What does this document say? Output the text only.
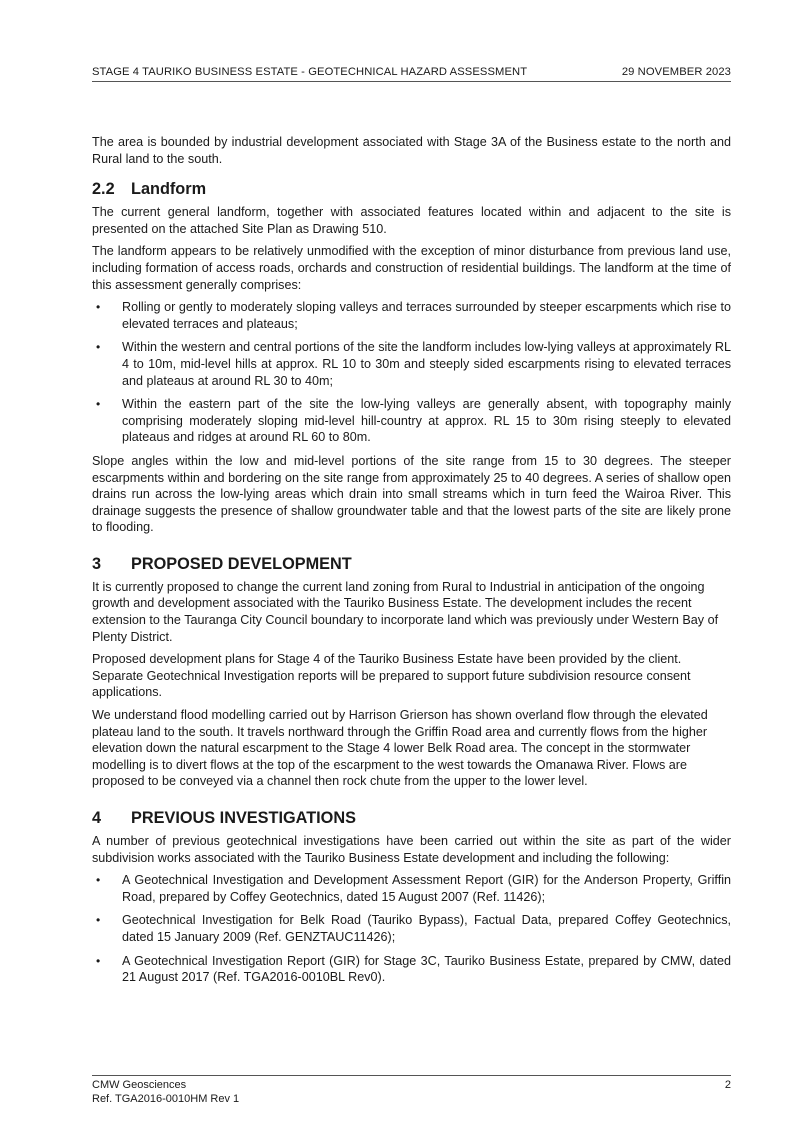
STAGE 4 TAURIKO BUSINESS ESTATE - GEOTECHNICAL HAZARD ASSESSMENT	29 NOVEMBER 2023

The area is bounded by industrial development associated with Stage 3A of the Business estate to the north and Rural land to the south.

2.2 Landform

The current general landform, together with associated features located within and adjacent to the site is presented on the attached Site Plan as Drawing 510.

The landform appears to be relatively unmodified with the exception of minor disturbance from previous land use, including formation of access roads, orchards and construction of residential buildings. The landform at the time of this assessment generally comprises:

• Rolling or gently to moderately sloping valleys and terraces surrounded by steeper escarpments which rise to elevated terraces and plateaus;
• Within the western and central portions of the site the landform includes low-lying valleys at approximately RL 4 to 10m, mid-level hills at approx. RL 10 to 30m and steeply sided escarpments rising to elevated terraces and plateaus at around RL 30 to 40m;
• Within the eastern part of the site the low-lying valleys are generally absent, with topography mainly comprising moderately sloping mid-level hill-country at approx. RL 15 to 30m rising steeply to elevated plateaus and ridges at around RL 60 to 80m.

Slope angles within the low and mid-level portions of the site range from 15 to 30 degrees. The steeper escarpments within and bordering on the site range from approximately 25 to 40 degrees. A series of shallow open drains run across the low-lying areas which drain into small streams which in turn feed the Wairoa River. This drainage suggests the presence of shallow groundwater table and that the lowest parts of the site are likely prone to flooding.

3 PROPOSED DEVELOPMENT

It is currently proposed to change the current land zoning from Rural to Industrial in anticipation of the ongoing growth and development associated with the Tauriko Business Estate. The development includes the recent extension to the Tauranga City Council boundary to incorporate land which was previously under Western Bay of Plenty District.

Proposed development plans for Stage 4 of the Tauriko Business Estate have been provided by the client. Separate Geotechnical Investigation reports will be prepared to support future subdivision resource consent applications.

We understand flood modelling carried out by Harrison Grierson has shown overland flow through the elevated plateau land to the south. It travels northward through the Griffin Road area and currently flows from the higher elevation down the natural escarpment to the Stage 4 lower Belk Road area. The concept in the stormwater modelling is to divert flows at the top of the escarpment to the west towards the Omanawa River. Flows are proposed to be conveyed via a channel then rock chute from the upper to the lower level.

4 PREVIOUS INVESTIGATIONS

A number of previous geotechnical investigations have been carried out within the site as part of the wider subdivision works associated with the Tauriko Business Estate development and including the following:

• A Geotechnical Investigation and Development Assessment Report (GIR) for the Anderson Property, Griffin Road, prepared by Coffey Geotechnics, dated 15 August 2007 (Ref. 11426);
• Geotechnical Investigation for Belk Road (Tauriko Bypass), Factual Data, prepared Coffey Geotechnics, dated 15 January 2009 (Ref. GENZTAUC11426);
• A Geotechnical Investigation Report (GIR) for Stage 3C, Tauriko Business Estate, prepared by CMW, dated 21 August 2017 (Ref. TGA2016-0010BL Rev0).
CMW Geosciences
Ref. TGA2016-0010HM Rev 1
2
